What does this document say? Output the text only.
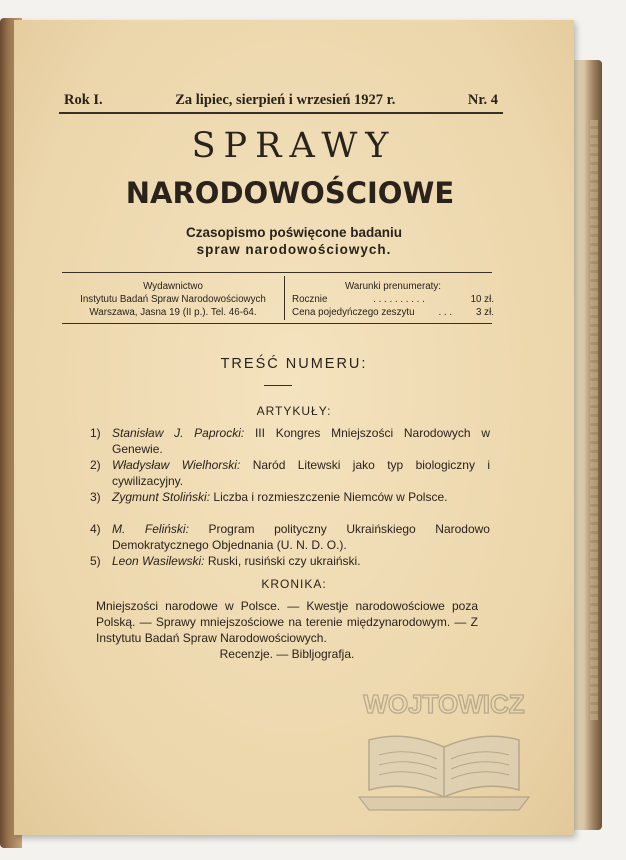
Rok I.	Za lipiec, sierpień i wrzesień 1927 r.	Nr. 4
SPRAWY
NARODOWOŚCIOWE
Czasopismo poświęcone badaniu
spraw narodowościowych.
Wydawnictwo
Instytutu Badań Spraw Narodowościowych
Warszawa, Jasna 19 (II p.). Tel. 46-64.
Warunki prenumeraty:
Rocznie	. . . . . . . . . .	10 zł.
Cena pojedyńczego zeszytu . . . 3 zł.
TREŚĆ NUMERU:
ARTYKUŁY:
1) Stanisław J. Paprocki: III Kongres Mniejszości Narodowych w Genewie.
2) Władysław Wielhorski: Naród Litewski jako typ biologiczny i cywilizacyjny.
3) Zygmunt Stoliński: Liczba i rozmieszczenie Niemców w Polsce.
4) M. Feliński: Program polityczny Ukraińskiego Narodowo Demokratycznego Objednania (U. N. D. O.).
5) Leon Wasilewski: Ruski, rusiński czy ukraiński.
KRONIKA:
Mniejszości narodowe w Polsce. — Kwestje narodowościowe poza Polską. — Sprawy mniejszościowe na terenie międzynarodowym. — Z Instytutu Badań Spraw Narodowościowych.
Recenzje. — Bibljografja.
WOJTOWICZ
